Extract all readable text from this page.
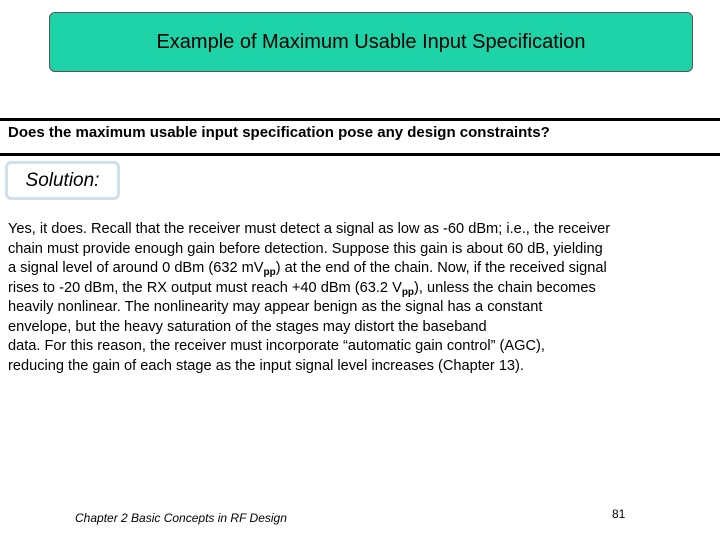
Example of Maximum Usable Input Specification
Does the maximum usable input specification pose any design constraints?
Solution:
Yes, it does. Recall that the receiver must detect a signal as low as -60 dBm; i.e., the receiver
chain must provide enough gain before detection. Suppose this gain is about 60 dB, yielding
a signal level of around 0 dBm (632 $mV_{pp}$) at the end of the chain. Now, if the received signal
rises to -20 dBm, the RX output must reach +40 dBm (63.2 $V_{pp}$), unless the chain becomes
heavily nonlinear. The nonlinearity may appear benign as the signal has a constant
envelope, but the heavy saturation of the stages may distort the baseband
data. For this reason, the receiver must incorporate “automatic gain control” (AGC),
reducing the gain of each stage as the input signal level increases (Chapter 13).
Chapter 2 Basic Concepts in RF Design	81
